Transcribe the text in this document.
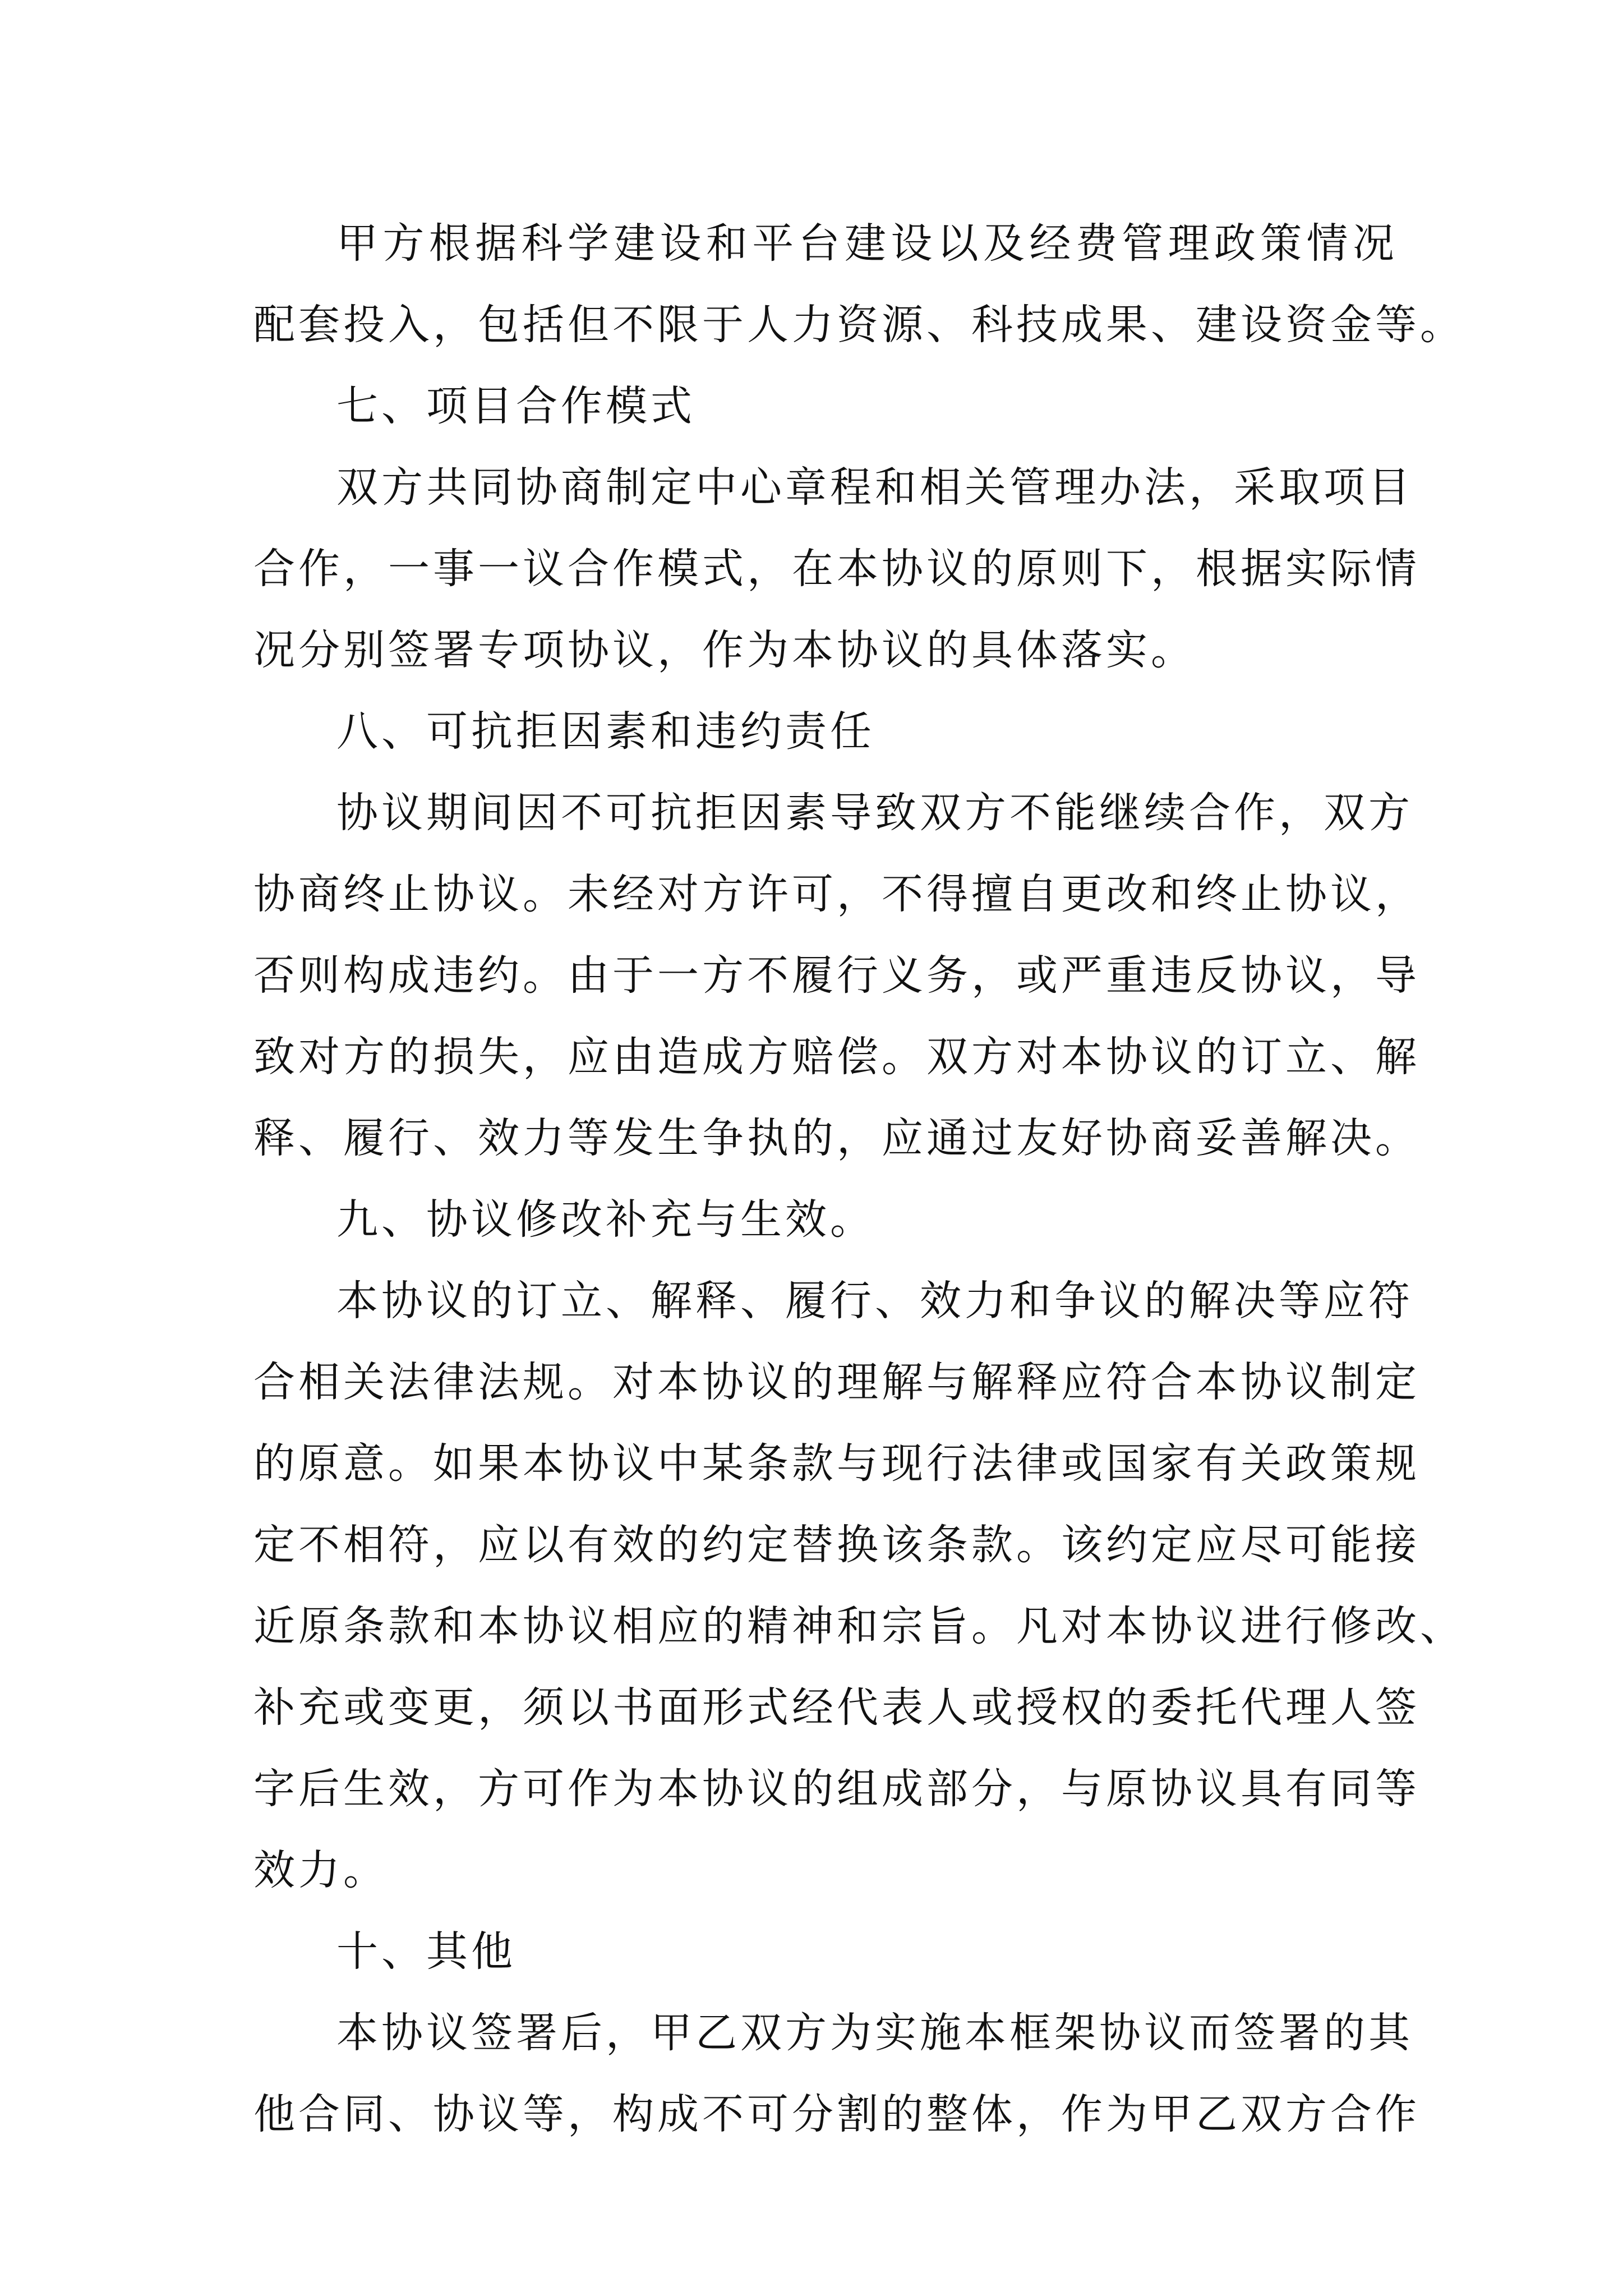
甲方根据科学建设和平台建设以及经费管理政策情况
配套投入，包括但不限于人力资源、科技成果、建设资金等。
七、项目合作模式
双方共同协商制定中心章程和相关管理办法，采取项目
合作，一事一议合作模式，在本协议的原则下，根据实际情
况分别签署专项协议，作为本协议的具体落实。
八、可抗拒因素和违约责任
协议期间因不可抗拒因素导致双方不能继续合作，双方
协商终止协议。未经对方许可，不得擅自更改和终止协议，
否则构成违约。由于一方不履行义务，或严重违反协议，导
致对方的损失，应由造成方赔偿。双方对本协议的订立、解
释、履行、效力等发生争执的，应通过友好协商妥善解决。
九、协议修改补充与生效。
本协议的订立、解释、履行、效力和争议的解决等应符
合相关法律法规。对本协议的理解与解释应符合本协议制定
的原意。如果本协议中某条款与现行法律或国家有关政策规
定不相符，应以有效的约定替换该条款。该约定应尽可能接
近原条款和本协议相应的精神和宗旨。凡对本协议进行修改、
补充或变更，须以书面形式经代表人或授权的委托代理人签
字后生效，方可作为本协议的组成部分，与原协议具有同等
效力。
十、其他
本协议签署后，甲乙双方为实施本框架协议而签署的其
他合同、协议等，构成不可分割的整体，作为甲乙双方合作
